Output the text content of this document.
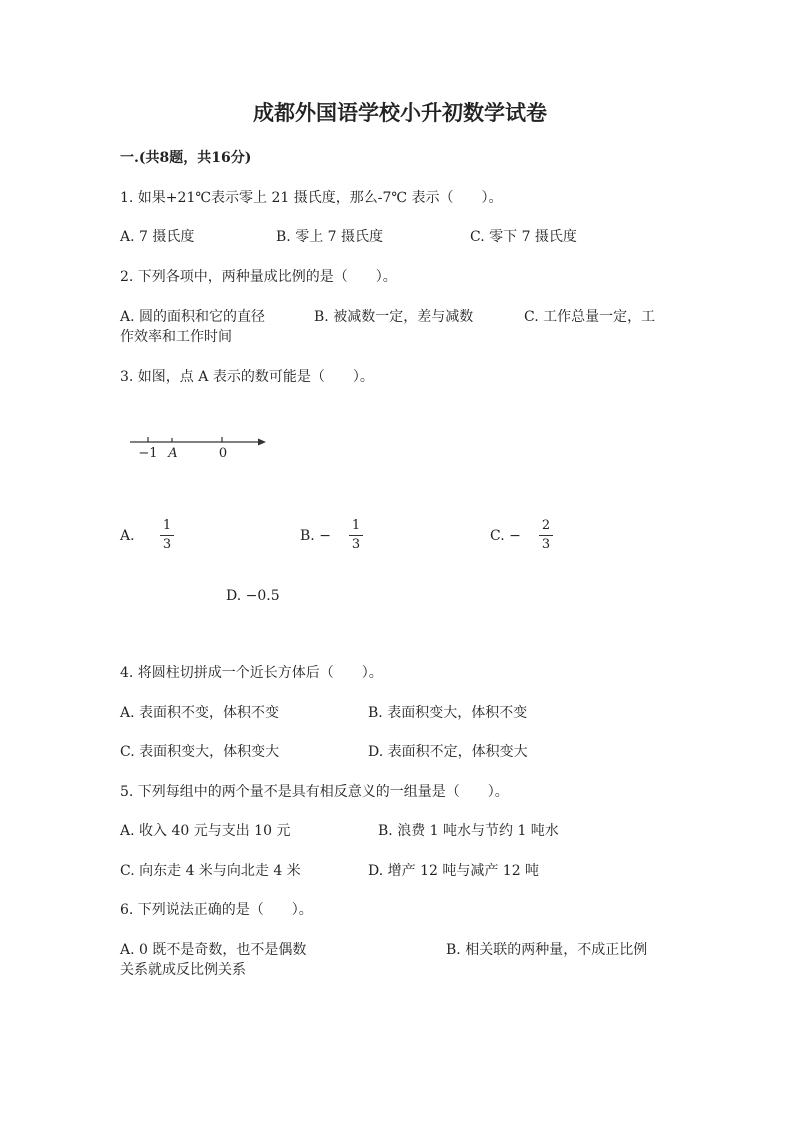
成都外国语学校小升初数学试卷
一.(共8题，共16分)
1. 如果+21℃表示零上 21 摄氏度，那么-7℃ 表示（　　）。
A. 7 摄氏度	B. 零上 7 摄氏度	C. 零下 7 摄氏度
2. 下列各项中，两种量成比例的是（　　）。
A. 圆的面积和它的直径	B. 被减数一定，差与减数	C. 工作总量一定，工
作效率和工作时间
3. 如图，点 A 表示的数可能是（　　）。
−1 A	0
A.
1
3
B. −
1
3
C. −
2
3
D. −0.5
4. 将圆柱切拼成一个近长方体后（　　）。
A. 表面积不变，体积不变	B. 表面积变大，体积不变
C. 表面积变大，体积变大	D. 表面积不定，体积变大
5. 下列每组中的两个量不是具有相反意义的一组量是（　　）。
A. 收入 40 元与支出 10 元	B. 浪费 1 吨水与节约 1 吨水
C. 向东走 4 米与向北走 4 米	D. 增产 12 吨与减产 12 吨
6. 下列说法正确的是（　　）。
A. 0 既不是奇数，也不是偶数	B. 相关联的两种量，不成正比例
关系就成反比例关系
